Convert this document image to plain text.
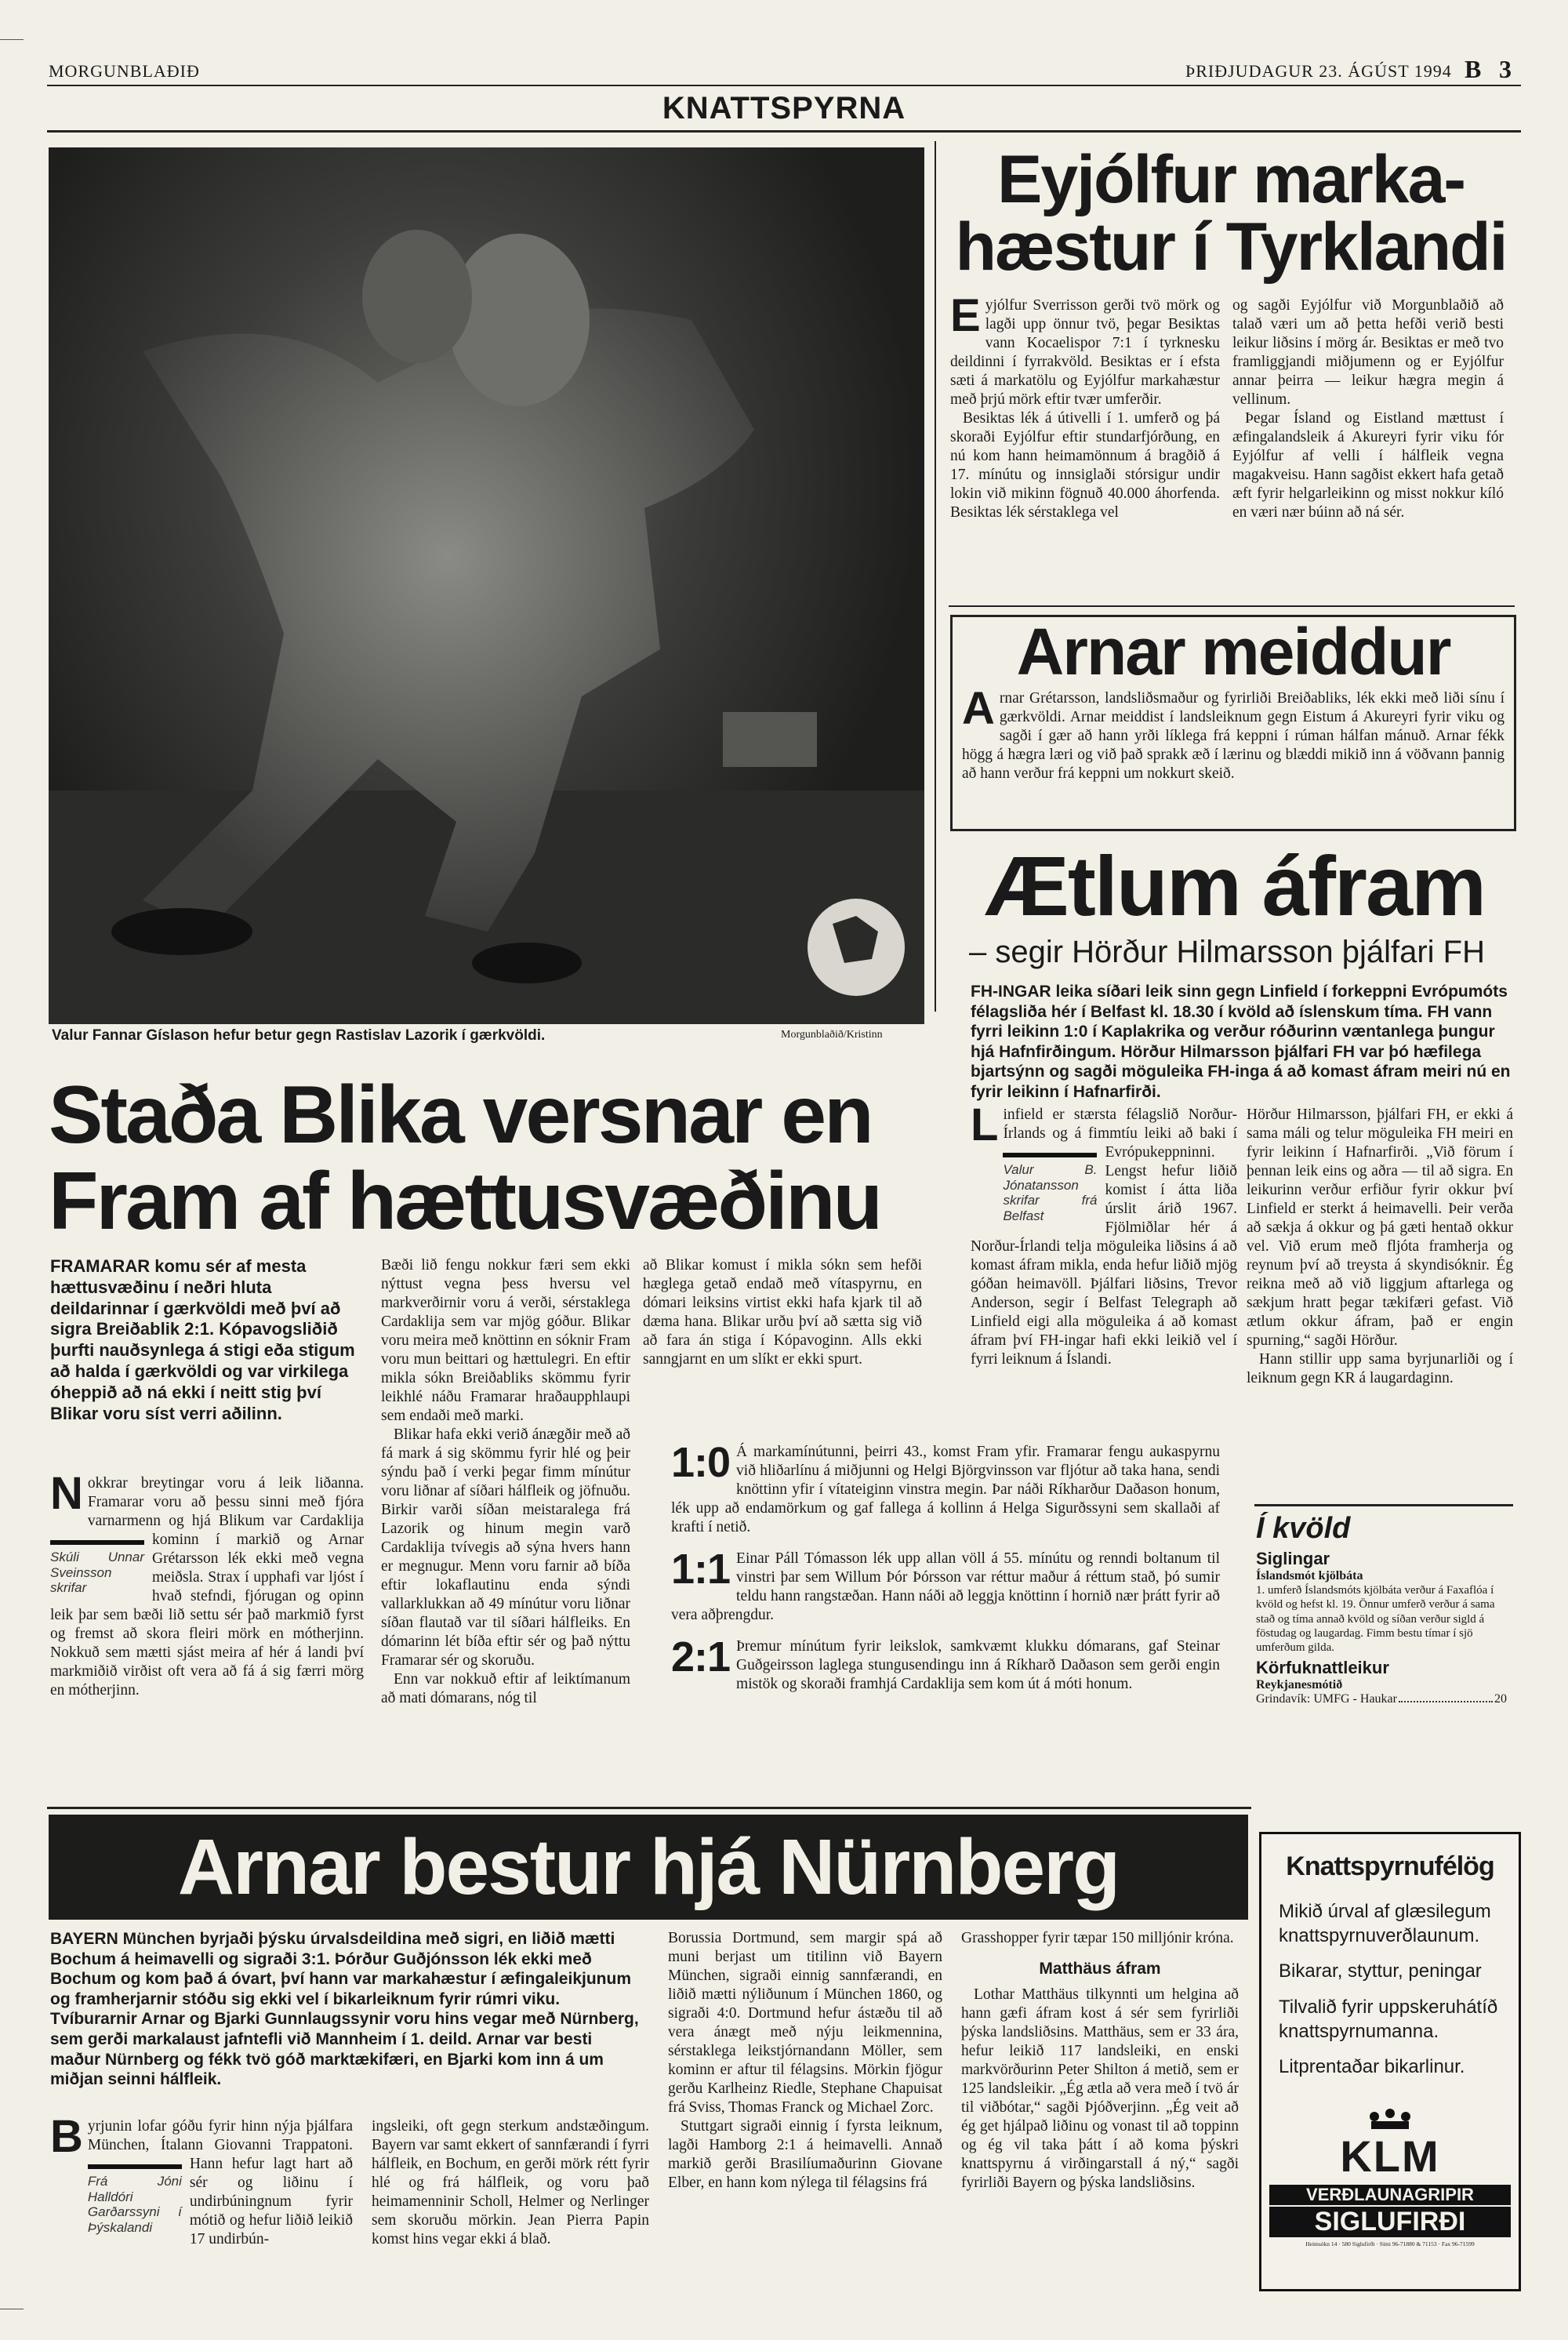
MORGUNBLAÐIÐ	ÞRIÐJUDAGUR 23. ÁGÚST 1994 B 3
KNATTSPYRNA
Valur Fannar Gíslason hefur betur gegn Rastislav Lazorik í gærkvöldi.	Morgunblaðið/Kristinn
Eyjólfur marka-
hæstur í Tyrklandi
Eyjólfur Sverrisson gerði tvö mörk og lagði upp önnur tvö, þegar Besiktas vann Kocaelispor 7:1 í tyrknesku deildinni í fyrrakvöld. Besiktas er í efsta sæti á markatölu og Eyjólfur markahæstur með þrjú mörk eftir tvær umferðir.
Besiktas lék á útivelli í 1. umferð og þá skoraði Eyjólfur eftir stundarfjórðung, en nú kom hann heimamönnum á bragðið á 17. mínútu og innsiglaði stórsigur undir lokin við mikinn fögnuð 40.000 áhorfenda. Besiktas lék sérstaklega vel
og sagði Eyjólfur við Morgunblaðið að talað væri um að þetta hefði verið besti leikur liðsins í mörg ár. Besiktas er með tvo framliggjandi miðjumenn og er Eyjólfur annar þeirra — leikur hægra megin á vellinum.
Þegar Ísland og Eistland mættust í æfingalandsleik á Akureyri fyrir viku fór Eyjólfur af velli í hálfleik vegna magakveisu. Hann sagðist ekkert hafa getað æft fyrir helgarleikinn og misst nokkur kíló en væri nær búinn að ná sér.
Arnar meiddur
Arnar Grétarsson, landsliðsmaður og fyrirliði Breiðabliks, lék ekki með liði sínu í gærkvöldi. Arnar meiddist í landsleiknum gegn Eistum á Akureyri fyrir viku og sagði í gær að hann yrði líklega frá keppni í rúman hálfan mánuð. Arnar fékk högg á hægra læri og við það sprakk æð í lærinu og blæddi mikið inn á vöðvann þannig að hann verður frá keppni um nokkurt skeið.
Ætlum áfram
– segir Hörður Hilmarsson þjálfari FH
FH-INGAR leika síðari leik sinn gegn Linfield í forkeppni Evrópumóts félagsliða hér í Belfast kl. 18.30 í kvöld að íslenskum tíma. FH vann fyrri leikinn 1:0 í Kaplakrika og verður róðurinn væntanlega þungur hjá Hafnfirðingum. Hörður Hilmarsson þjálfari FH var þó hæfilega bjartsýnn og sagði möguleika FH-inga á að komast áfram meiri nú en fyrir leikinn í Hafnarfirði.
Linfield er stærsta félagslið Norður-Írlands og á fimmtíu leiki að baki í Evrópukeppninni.
Valur B. Jónatansson skrifar frá Belfast
Lengst hefur liðið komist í átta liða úrslit árið 1967. Fjölmiðlar hér á Norður-Írlandi telja möguleika liðsins á að komast áfram mikla, enda hefur liðið mjög góðan heimavöll. Þjálfari liðsins, Trevor Anderson, segir í Belfast Telegraph að Linfield eigi alla möguleika á að komast áfram því FH-ingar hafi ekki leikið vel í fyrri leiknum á Íslandi.
Hörður Hilmarsson, þjálfari FH, er ekki á sama máli og telur möguleika FH meiri en fyrir leikinn í Hafnarfirði. „Við förum í þennan leik eins og aðra — til að sigra. En leikurinn verður erfiður fyrir okkur því Linfield er sterkt á heimavelli. Þeir verða að sækja á okkur og þá gæti hentað okkur vel. Við erum með fljóta framherja og reynum því að treysta á skyndisóknir. Ég reikna með að við liggjum aftarlega og sækjum hratt þegar tækifæri gefast. Við ætlum okkur áfram, það er engin spurning,“ sagði Hörður.
Hann stillir upp sama byrjunarliði og í leiknum gegn KR á laugardaginn.
Í kvöld
Siglingar
Íslandsmót kjölbáta
1. umferð Íslandsmóts kjölbáta verður á Faxaflóa í kvöld og hefst kl. 19. Önnur umferð verður á sama stað og tíma annað kvöld og síðan verður sigld á föstudag og laugardag. Fimm bestu tímar í sjö umferðum gilda.
Körfuknattleikur
Reykjanesmótið
Grindavík: UMFG - Haukar	20
Staða Blika versnar en
Fram af hættusvæðinu
FRAMARAR komu sér af mesta hættusvæðinu í neðri hluta deildarinnar í gærkvöldi með því að sigra Breiðablik 2:1. Kópavogsliðið þurfti nauðsynlega á stigi eða stigum að halda í gærkvöldi og var virkilega óheppið að ná ekki í neitt stig því Blikar voru síst verri aðilinn.
Nokkrar breytingar voru á leik liðanna. Framarar voru að þessu sinni með fjóra varnarmenn og hjá Blikum var
Skúli Unnar Sveinsson skrifar
Cardaklija kominn í markið og Arnar Grétarsson lék ekki með vegna meiðsla. Strax í upphafi var ljóst í hvað stefndi, fjórugan og opinn leik þar sem bæði lið settu sér það markmið fyrst og fremst að skora fleiri mörk en mótherjinn. Nokkuð sem mætti sjást meira af hér á landi því markmiðið virðist oft vera að fá á sig færri mörg en mótherjinn.
Bæði lið fengu nokkur færi sem ekki nýttust vegna þess hversu vel markverðirnir voru á verði, sérstaklega Cardaklija sem var mjög góður. Blikar voru meira með knöttinn en sóknir Fram voru mun beittari og hættulegri. En eftir mikla sókn Breiðabliks skömmu fyrir leikhlé náðu Framarar hraðaupphlaupi sem endaði með marki.
Blikar hafa ekki verið ánægðir með að fá mark á sig skömmu fyrir hlé og þeir sýndu það í verki þegar fimm mínútur voru liðnar af síðari hálfleik og jöfnuðu. Birkir varði síðan meistaralega frá Lazorik og hinum megin varð Cardaklija tvívegis að sýna hvers hann er megnugur. Menn voru farnir að bíða eftir lokaflautinu enda sýndi vallarklukkan að 49 mínútur voru liðnar síðan flautað var til síðari hálfleiks. En dómarinn lét bíða eftir sér og það nýttu Framarar sér og skoruðu.
Enn var nokkuð eftir af leiktímanum að mati dómarans, nóg til
að Blikar komust í mikla sókn sem hefði hæglega getað endað með vítaspyrnu, en dómari leiksins virtist ekki hafa kjark til að dæma hana. Blikar urðu því að sætta sig við að fara án stiga í Kópavoginn. Alls ekki sanngjarnt en um slíkt er ekki spurt.
1:0 Á markamínútunni, þeirri 43., komst Fram yfir. Framarar fengu aukaspyrnu við hliðarlínu á miðjunni og Helgi Björgvinsson var fljótur að taka hana, sendi knöttinn yfir í vítateiginn vinstra megin. Þar náði Ríkharður Daðason honum, lék upp að endamörkum og gaf fallega á kollinn á Helga Sigurðssyni sem skallaði af krafti í netið.
1:1 Einar Páll Tómasson lék upp allan völl á 55. mínútu og renndi boltanum til vinstri þar sem Willum Þór Þórsson var réttur maður á réttum stað, þó sumir teldu hann rangstæðan. Hann náði að leggja knöttinn í hornið nær þrátt fyrir að vera aðþrengdur.
2:1 Þremur mínútum fyrir leikslok, samkvæmt klukku dómarans, gaf Steinar Guðgeirsson laglega stungusendingu inn á Ríkharð Daðason sem gerði engin mistök og skoraði framhjá Cardaklija sem kom út á móti honum.
Arnar bestur hjá Nürnberg
BAYERN München byrjaði þýsku úrvalsdeildina með sigri, en liðið mætti Bochum á heimavelli og sigraði 3:1. Þórður Guðjónsson lék ekki með Bochum og kom það á óvart, því hann var markahæstur í æfingaleikjunum og framherjarnir stóðu sig ekki vel í bikarleiknum fyrir rúmri viku. Tvíburarnir Arnar og Bjarki Gunnlaugssynir voru hins vegar með Nürnberg, sem gerði markalaust jafntefli við Mannheim í 1. deild. Arnar var besti maður Nürnberg og fékk tvö góð marktækifæri, en Bjarki kom inn á um miðjan seinni hálfleik.
Byrjunin lofar góðu fyrir hinn nýja þjálfara München, Ítalann Giovanni Trappatoni. Hann
Frá Jóni Halldóri Garðarssyni í Þýskalandi
hefur lagt hart að sér og liðinu í undirbúningnum fyrir mótið og hefur liðið leikið 17 undirbún-
ingsleiki, oft gegn sterkum andstæðingum. Bayern var samt ekkert of sannfærandi í fyrri hálfleik, en Bochum, en gerði mörk rétt fyrir hlé og frá hálfleik, og voru það heimamenninir Scholl, Helmer og Nerlinger sem skoruðu mörkin. Jean Pierra Papin komst hins vegar ekki á blað.
Borussia Dortmund, sem margir spá að muni berjast um titilinn við Bayern München, sigraði einnig sannfærandi, en liðið mætti nýliðunum í München 1860, og sigraði 4:0. Dortmund hefur ástæðu til að vera ánægt með nýju leikmennina, sérstaklega leikstjórnandann Möller, sem kominn er aftur til félagsins. Mörkin fjögur gerðu Karlheinz Riedle, Stephane Chapuisat frá Sviss, Thomas Franck og Michael Zorc.
Stuttgart sigraði einnig í fyrsta leiknum, lagði Hamborg 2:1 á heimavelli. Annað markið gerði Brasilíumaðurinn Giovane Elber, en hann kom nýlega til félagsins frá
Grasshopper fyrir tæpar 150 milljónir króna.
Matthäus áfram
Lothar Matthäus tilkynnti um helgina að hann gæfi áfram kost á sér sem fyrirliði þýska landsliðsins. Matthäus, sem er 33 ára, hefur leikið 117 landsleiki, en enski markvörðurinn Peter Shilton á metið, sem er 125 landsleikir. „Ég ætla að vera með í tvö ár til viðbótar,“ sagði Þjóðverjinn. „Ég veit að ég get hjálpað liðinu og vonast til að toppinn og ég vil taka þátt í að koma þýskri knattspyrnu á virðingarstall á ný,“ sagði fyrirliði Bayern og þýska landsliðsins.
Knattspyrnufélög
Mikið úrval af glæsilegum knattspyrnuverðlaunum.
Bikarar, styttur, peningar
Tilvalið fyrir uppskeruhátíð knattspyrnumanna.
Litprentaðar bikarlinur.
KLM
VERÐLAUNAGRIPIR
SIGLUFIRÐI
Heimsókn 14 · 580 Siglufirði · Sími 96-71880 & 71153 · Fax 96-71599
